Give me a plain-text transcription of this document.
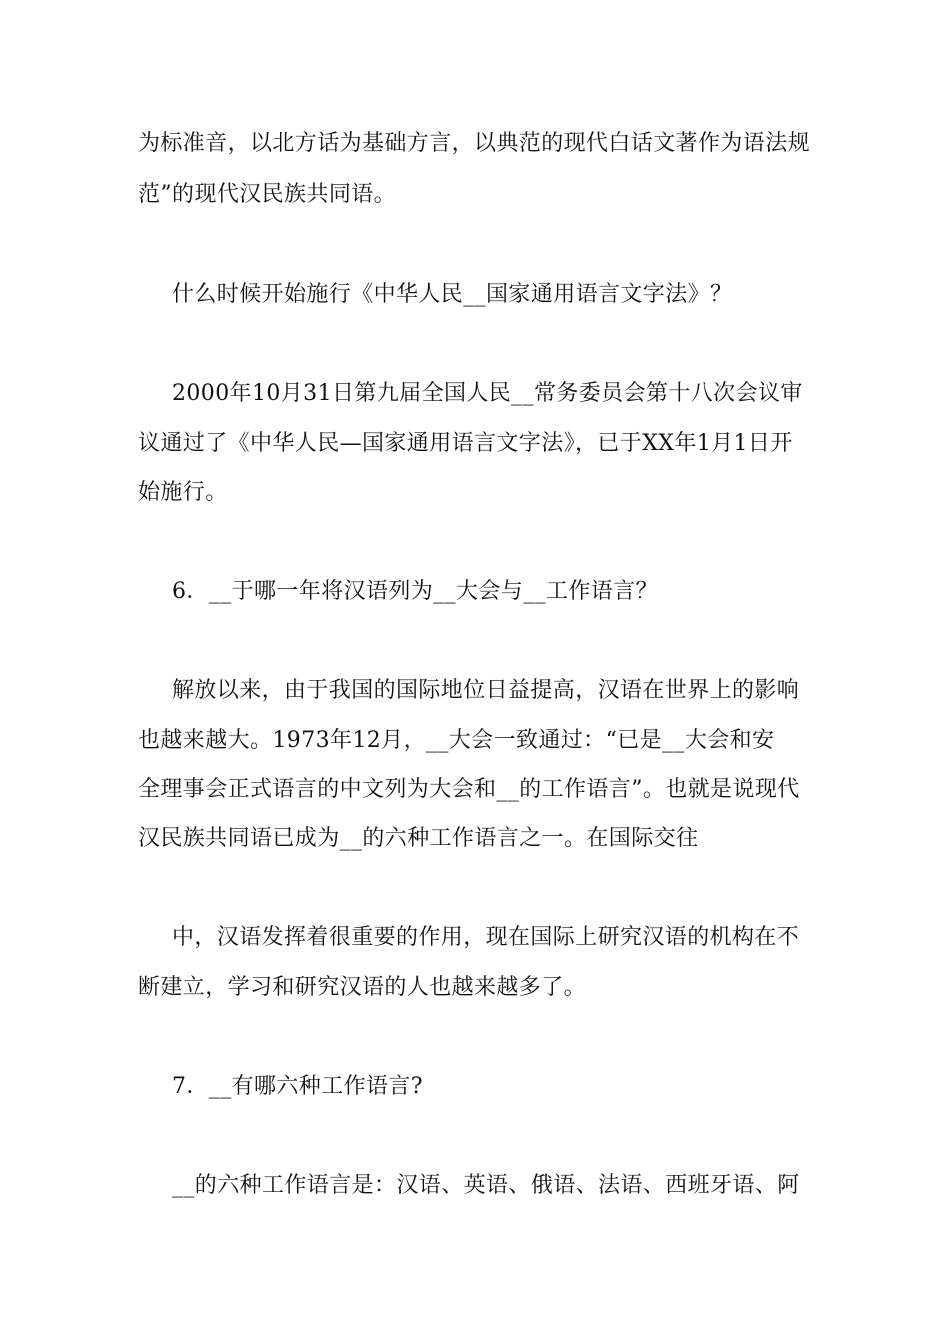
为标准音，以北方话为基础方言，以典范的现代白话文著作为语法规
范”的现代汉民族共同语。
什么时候开始施行《中华人民__国家通用语言文字法》？
2000年10月31日第九届全国人民__常务委员会第十八次会议审
议通过了《中华人民—国家通用语言文字法》，已于XX年1月1日开
始施行。
6．__于哪一年将汉语列为__大会与__工作语言？
解放以来，由于我国的国际地位日益提高，汉语在世界上的影响
也越来越大。1973年12月，__大会一致通过：“已是__大会和安
全理事会正式语言的中文列为大会和__的工作语言”。也就是说现代
汉民族共同语已成为__的六种工作语言之一。在国际交往
中，汉语发挥着很重要的作用，现在国际上研究汉语的机构在不
断建立，学习和研究汉语的人也越来越多了。
7．__有哪六种工作语言?
__的六种工作语言是：汉语、英语、俄语、法语、西班牙语、阿
